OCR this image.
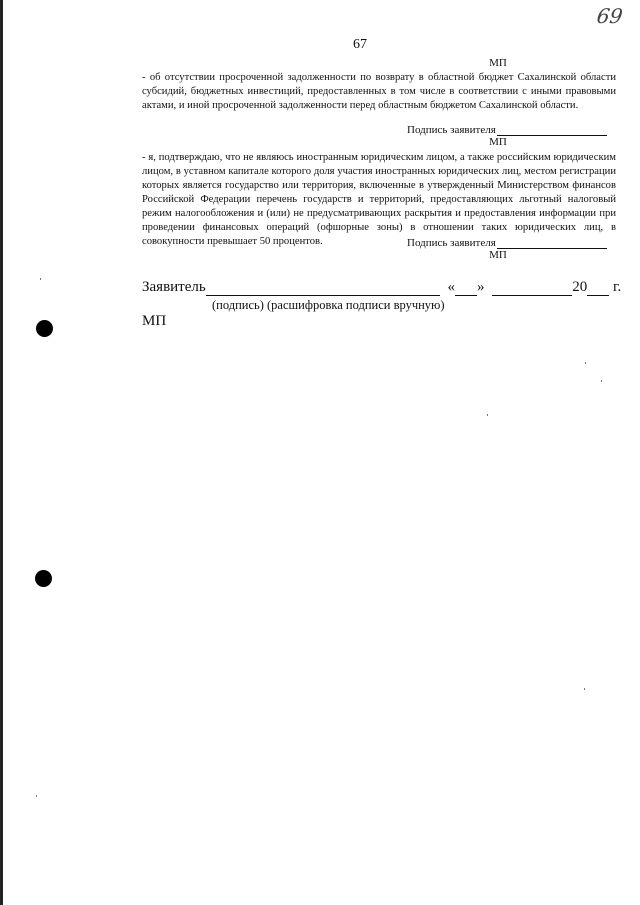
69
67
МП

- об отсутствии просроченной задолженности по возврату в областной бюджет Сахалинской области субсидий, бюджетных инвестиций, предоставленных в том числе в соответствии с иными правовыми актами, и иной просроченной задолженности перед областным бюджетом Сахалинской области.

Подпись заявителя
МП

- я, подтверждаю, что не являюсь иностранным юридическим лицом, а также российским юридическим лицом, в уставном капитале которого доля участия иностранных юридических лиц, местом регистрации которых является государство или территория, включенные в утвержденный Министерством финансов Российской Федерации перечень государств и территорий, предоставляющих льготный налоговый режим налогообложения и (или) не предусматривающих раскрытия и предоставления информации при проведении финансовых операций (офшорные зоны) в отношении таких юридических лиц, в совокупности превышает 50 процентов.	Подпись заявителя
МП
Заявитель	« »	20 г.
(подпись) (расшифровка подписи вручную)
МП
